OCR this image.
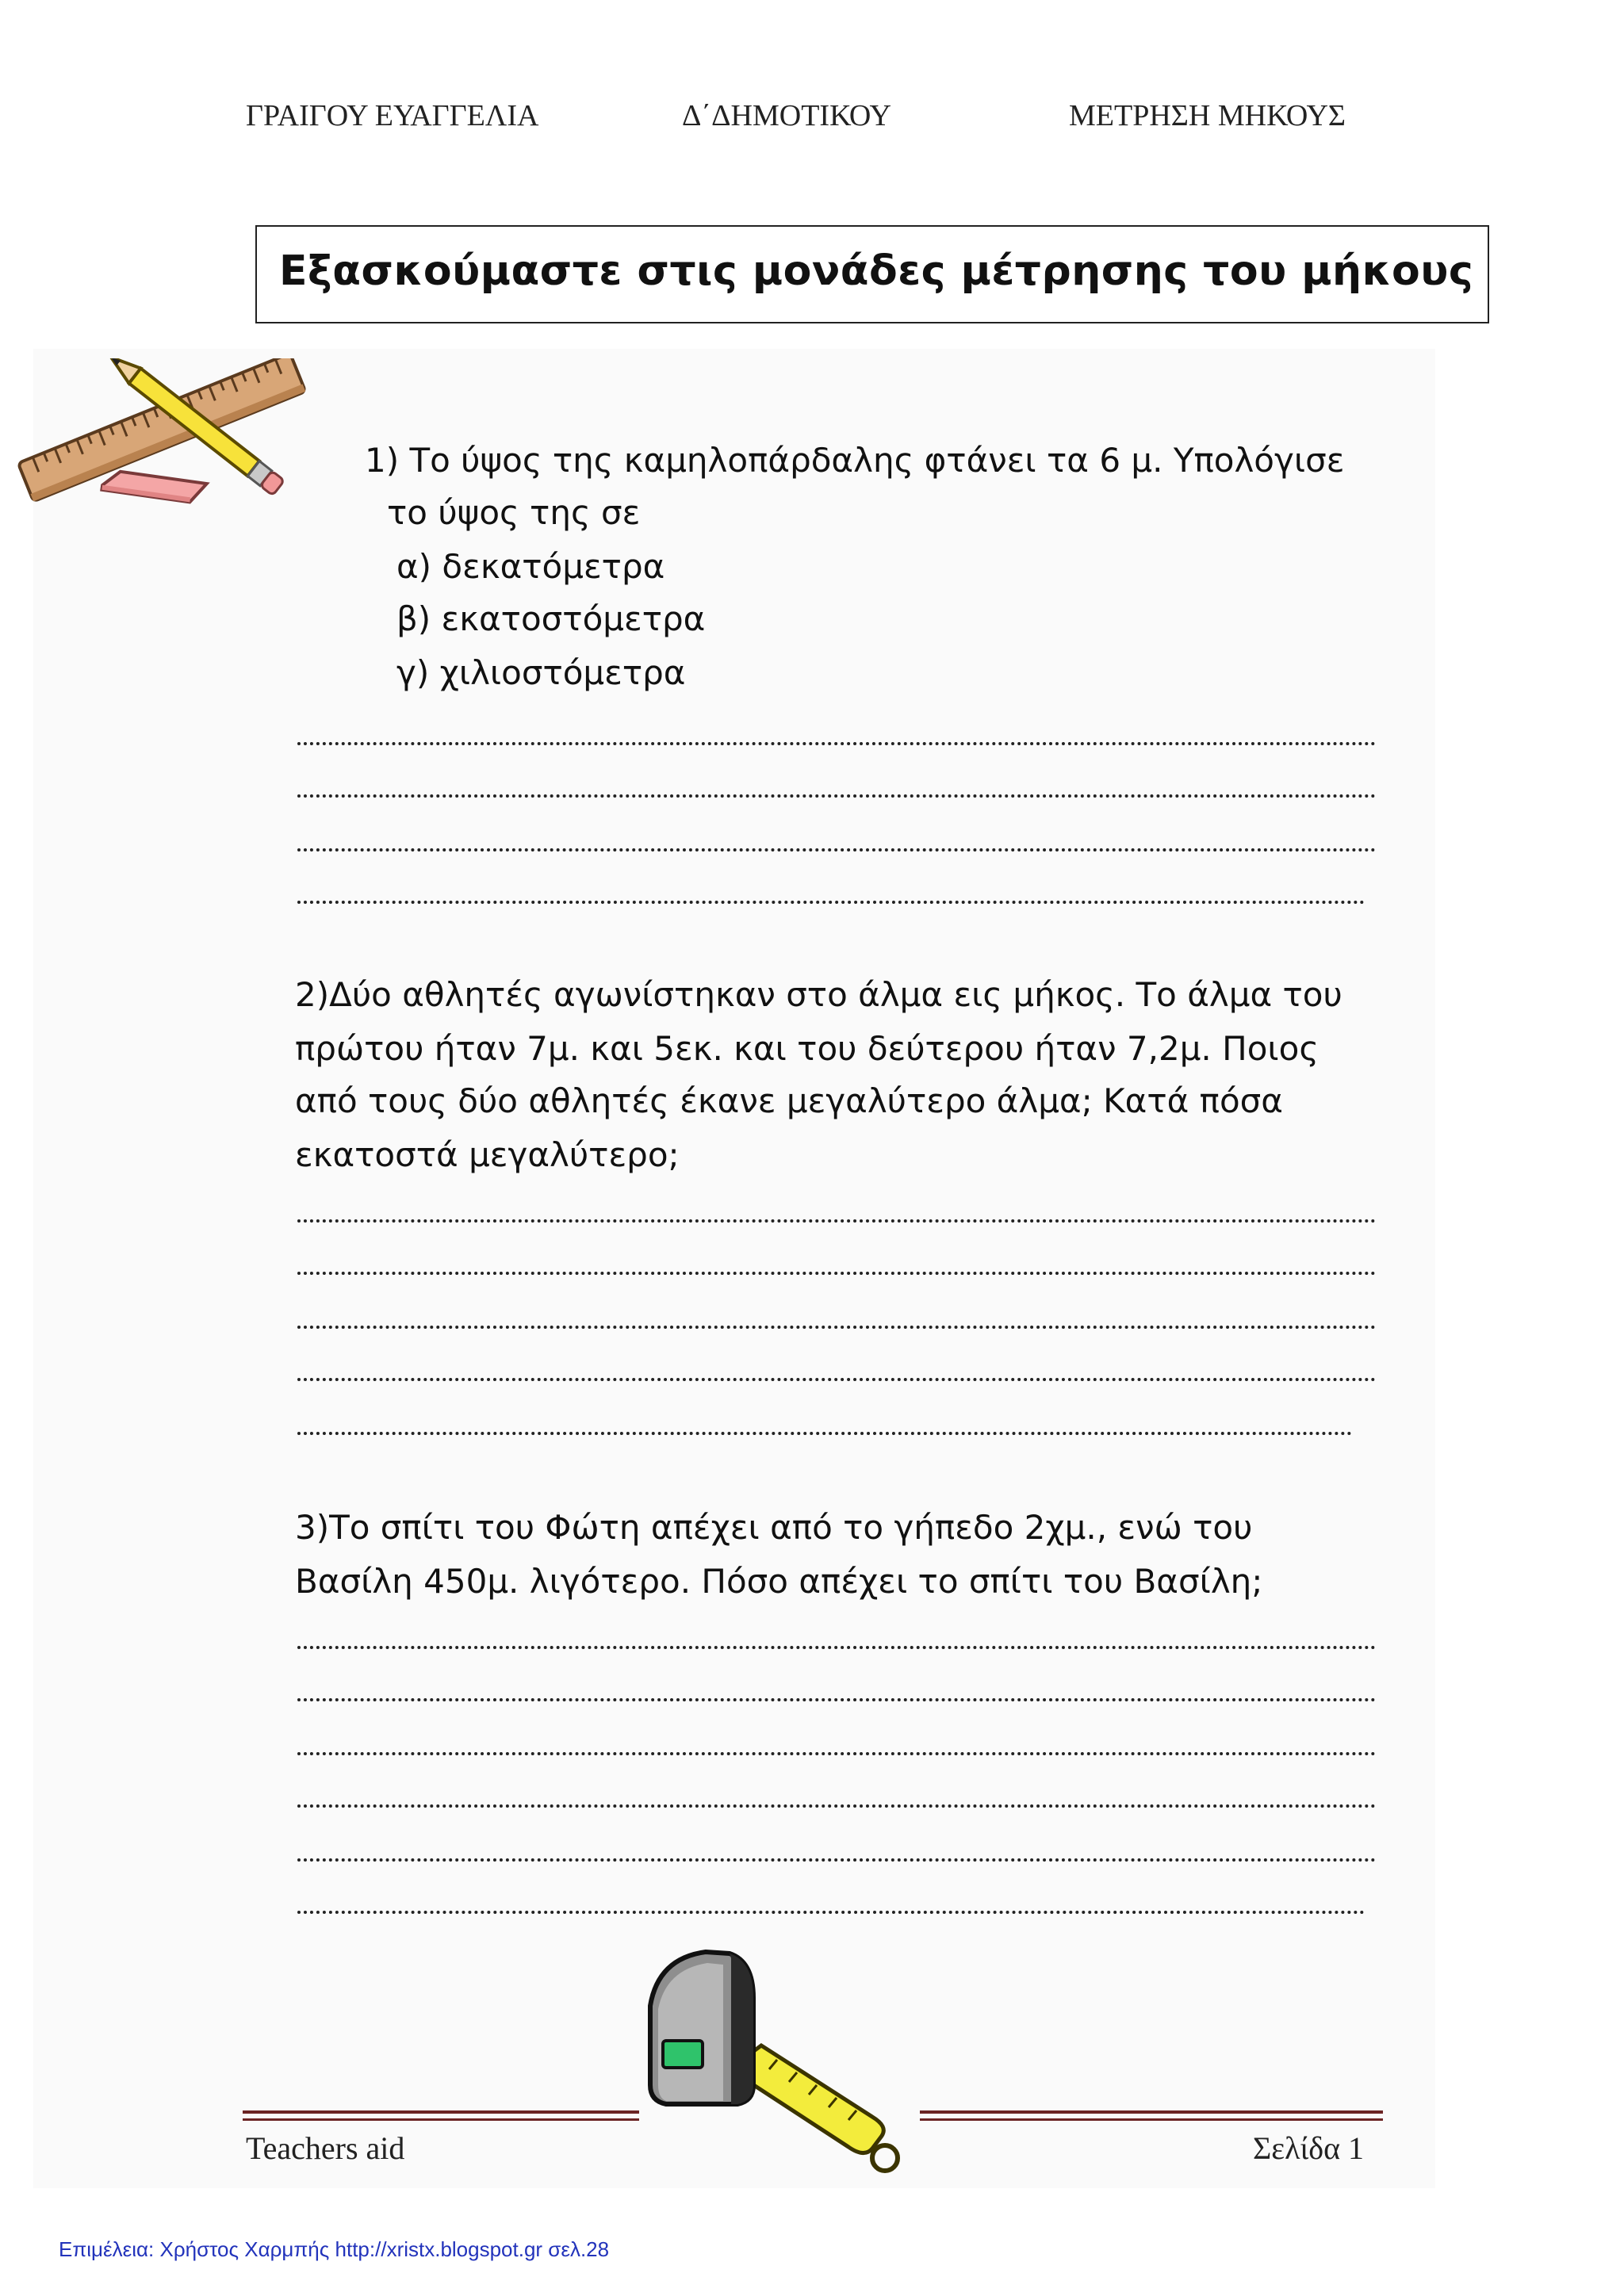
ΓΡΑΙΓΟΥ ΕΥΑΓΓΕΛΙΑ	Δ΄ΔΗΜΟΤΙΚΟΥ	ΜΕΤΡΗΣΗ ΜΗΚΟΥΣ
Εξασκούμαστε στις μονάδες μέτρησης του μήκους
1) Το ύψος της καμηλοπάρδαλης φτάνει τα 6 μ. Υπολόγισε
το ύψος της σε
α) δεκατόμετρα
β) εκατοστόμετρα
γ) χιλιοστόμετρα
2)Δύο αθλητές αγωνίστηκαν στο άλμα εις μήκος. Το άλμα του
πρώτου ήταν 7μ. και 5εκ. και του δεύτερου ήταν 7,2μ. Ποιος
από τους δύο αθλητές έκανε μεγαλύτερο άλμα; Κατά πόσα
εκατοστά μεγαλύτερο;
3)Το σπίτι του Φώτη απέχει από το γήπεδο 2χμ., ενώ του
Βασίλη 450μ. λιγότερο. Πόσο απέχει το σπίτι του Βασίλη;
Teachers aid	Σελίδα 1
Επιμέλεια: Χρήστος Χαρμπής http://xristx.blogspot.gr σελ.28
